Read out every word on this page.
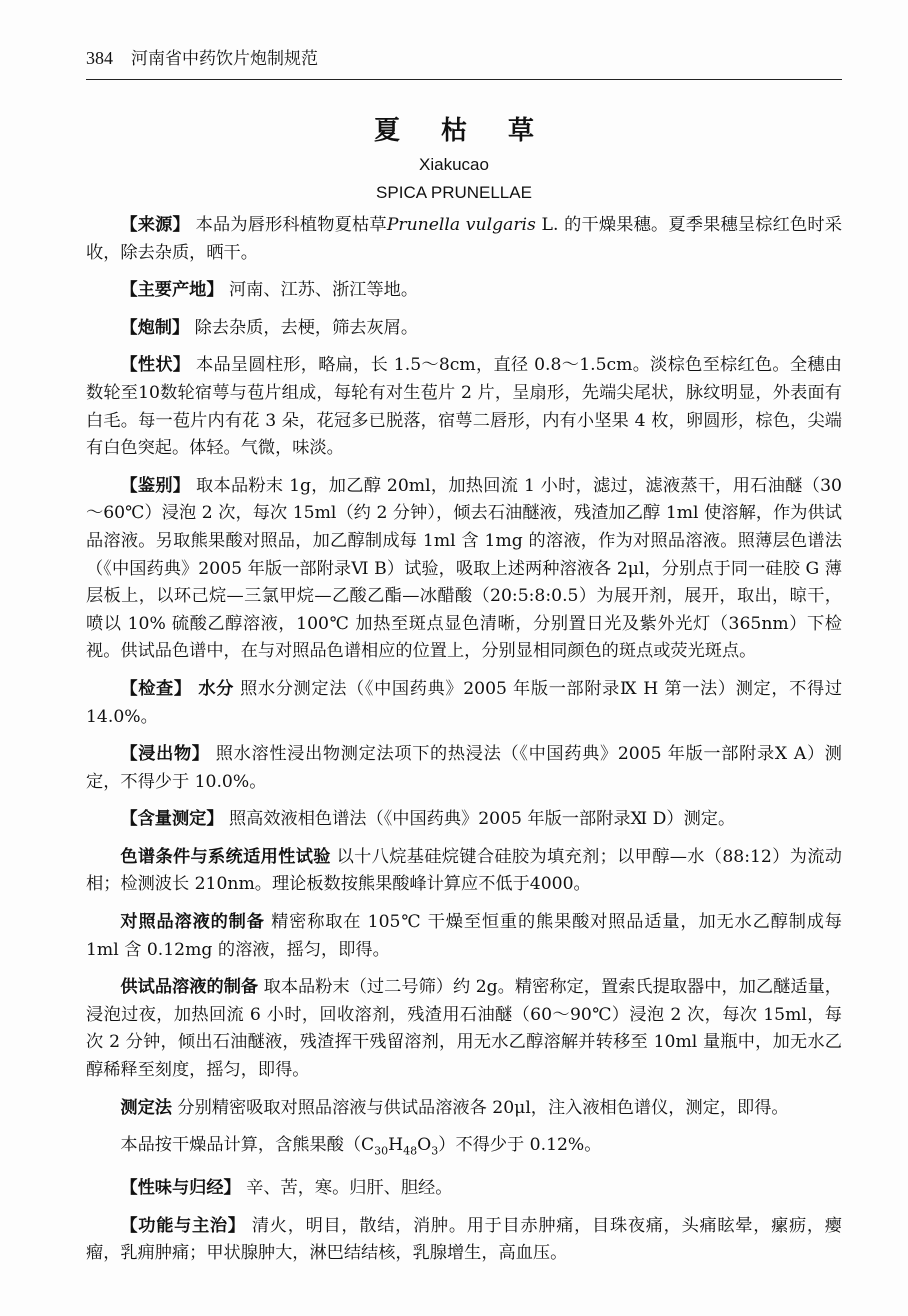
384 河南省中药饮片炮制规范
夏 枯 草
Xiakucao
SPICA PRUNELLAE

【来源】 本品为唇形科植物夏枯草Prunella vulgaris L. 的干燥果穗。夏季果穗呈棕红色时采收，除去杂质，晒干。

【主要产地】 河南、江苏、浙江等地。

【炮制】 除去杂质，去梗，筛去灰屑。

【性状】 本品呈圆柱形，略扁，长 1.5～8cm，直径 0.8～1.5cm。淡棕色至棕红色。全穗由数轮至10数轮宿萼与苞片组成，每轮有对生苞片 2 片，呈扇形，先端尖尾状，脉纹明显，外表面有白毛。每一苞片内有花 3 朵，花冠多已脱落，宿萼二唇形，内有小坚果 4 枚，卵圆形，棕色，尖端有白色突起。体轻。气微，味淡。

【鉴别】 取本品粉末 1g，加乙醇 20ml，加热回流 1 小时，滤过，滤液蒸干，用石油醚（30～60℃）浸泡 2 次，每次 15ml（约 2 分钟），倾去石油醚液，残渣加乙醇 1ml 使溶解，作为供试品溶液。另取熊果酸对照品，加乙醇制成每 1ml 含 1mg 的溶液，作为对照品溶液。照薄层色谱法（《中国药典》2005 年版一部附录Ⅵ B）试验，吸取上述两种溶液各 2μl，分别点于同一硅胶 G 薄层板上，以环己烷—三氯甲烷—乙酸乙酯—冰醋酸（20:5:8:0.5）为展开剂，展开，取出，晾干，喷以 10% 硫酸乙醇溶液，100℃ 加热至斑点显色清晰，分别置日光及紫外光灯（365nm）下检视。供试品色谱中，在与对照品色谱相应的位置上，分别显相同颜色的斑点或荧光斑点。

【检查】 水分 照水分测定法（《中国药典》2005 年版一部附录Ⅸ H 第一法）测定，不得过 14.0%。

【浸出物】 照水溶性浸出物测定法项下的热浸法（《中国药典》2005 年版一部附录Ⅹ A）测定，不得少于 10.0%。

【含量测定】 照高效液相色谱法（《中国药典》2005 年版一部附录Ⅺ D）测定。

色谱条件与系统适用性试验 以十八烷基硅烷键合硅胶为填充剂；以甲醇—水（88:12）为流动相；检测波长 210nm。理论板数按熊果酸峰计算应不低于4000。

对照品溶液的制备 精密称取在 105℃ 干燥至恒重的熊果酸对照品适量，加无水乙醇制成每 1ml 含 0.12mg 的溶液，摇匀，即得。

供试品溶液的制备 取本品粉末（过二号筛）约 2g。精密称定，置索氏提取器中，加乙醚适量，浸泡过夜，加热回流 6 小时，回收溶剂，残渣用石油醚（60～90℃）浸泡 2 次，每次 15ml，每次 2 分钟，倾出石油醚液，残渣挥干残留溶剂，用无水乙醇溶解并转移至 10ml 量瓶中，加无水乙醇稀释至刻度，摇匀，即得。

测定法 分别精密吸取对照品溶液与供试品溶液各 20μl，注入液相色谱仪，测定，即得。

本品按干燥品计算，含熊果酸$(C_{30}H_{48}O_3)$不得少于 0.12%。

【性味与归经】 辛、苦，寒。归肝、胆经。

【功能与主治】 清火，明目，散结，消肿。用于目赤肿痛，目珠夜痛，头痛眩晕，瘰疬，瘿瘤，乳痈肿痛；甲状腺肿大，淋巴结结核，乳腺增生，高血压。
